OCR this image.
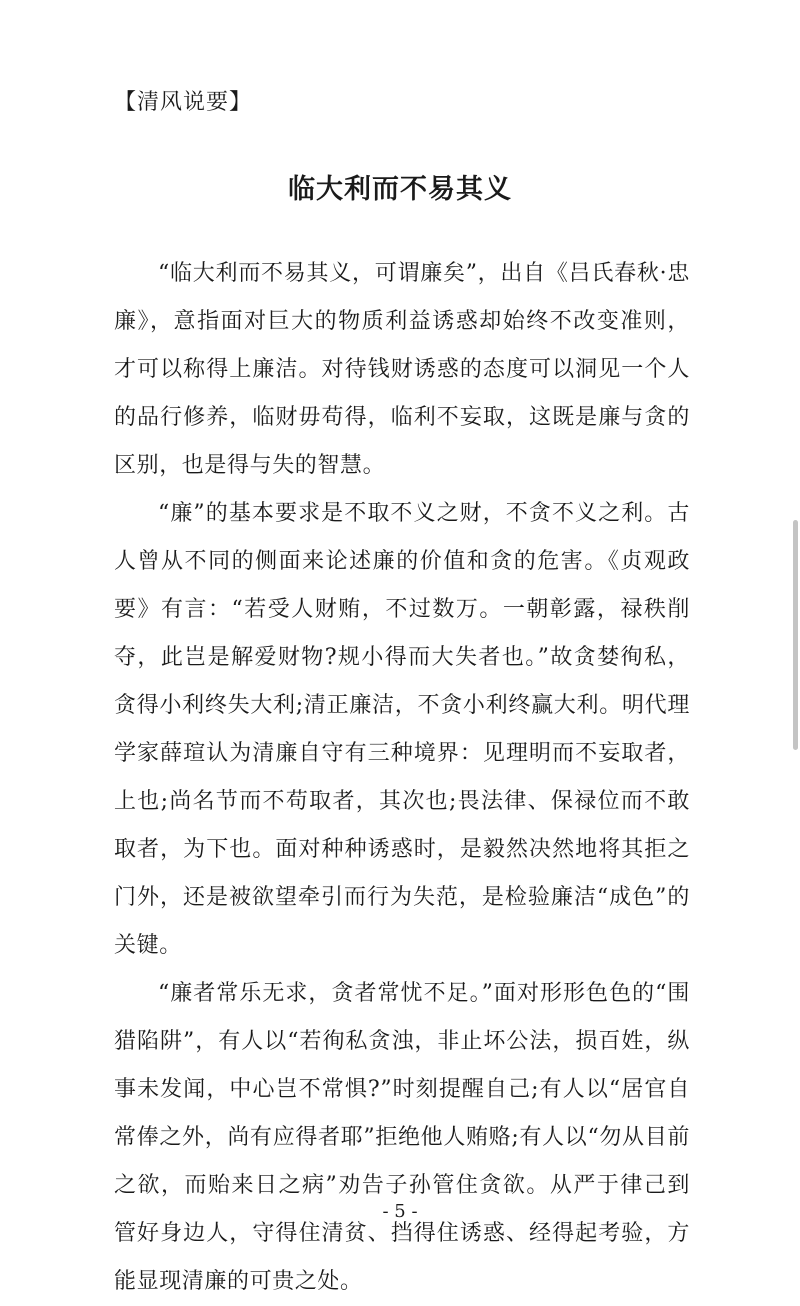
【清风说要】
临大利而不易其义

“临大利而不易其义，可谓廉矣”，出自《吕氏春秋·忠廉》，意指面对巨大的物质利益诱惑却始终不改变准则，才可以称得上廉洁。对待钱财诱惑的态度可以洞见一个人的品行修养，临财毋苟得，临利不妄取，这既是廉与贪的区别，也是得与失的智慧。

“廉”的基本要求是不取不义之财，不贪不义之利。古人曾从不同的侧面来论述廉的价值和贪的危害。《贞观政要》有言：“若受人财贿，不过数万。一朝彰露，禄秩削夺，此岂是解爱财物?规小得而大失者也。”故贪婪徇私，贪得小利终失大利;清正廉洁，不贪小利终赢大利。明代理学家薛瑄认为清廉自守有三种境界：见理明而不妄取者，上也;尚名节而不苟取者，其次也;畏法律、保禄位而不敢取者，为下也。面对种种诱惑时，是毅然决然地将其拒之门外，还是被欲望牵引而行为失范，是检验廉洁“成色”的关键。

“廉者常乐无求，贪者常忧不足。”面对形形色色的“围猎陷阱”，有人以“若徇私贪浊，非止坏公法，损百姓，纵事未发闻，中心岂不常惧?”时刻提醒自己;有人以“居官自常俸之外，尚有应得者耶”拒绝他人贿赂;有人以“勿从目前之欲，而贻来日之病”劝告子孙管住贪欲。从严于律己到管好身边人，守得住清贫、挡得住诱惑、经得起考验，方能显现清廉的可贵之处。

- 5 -
